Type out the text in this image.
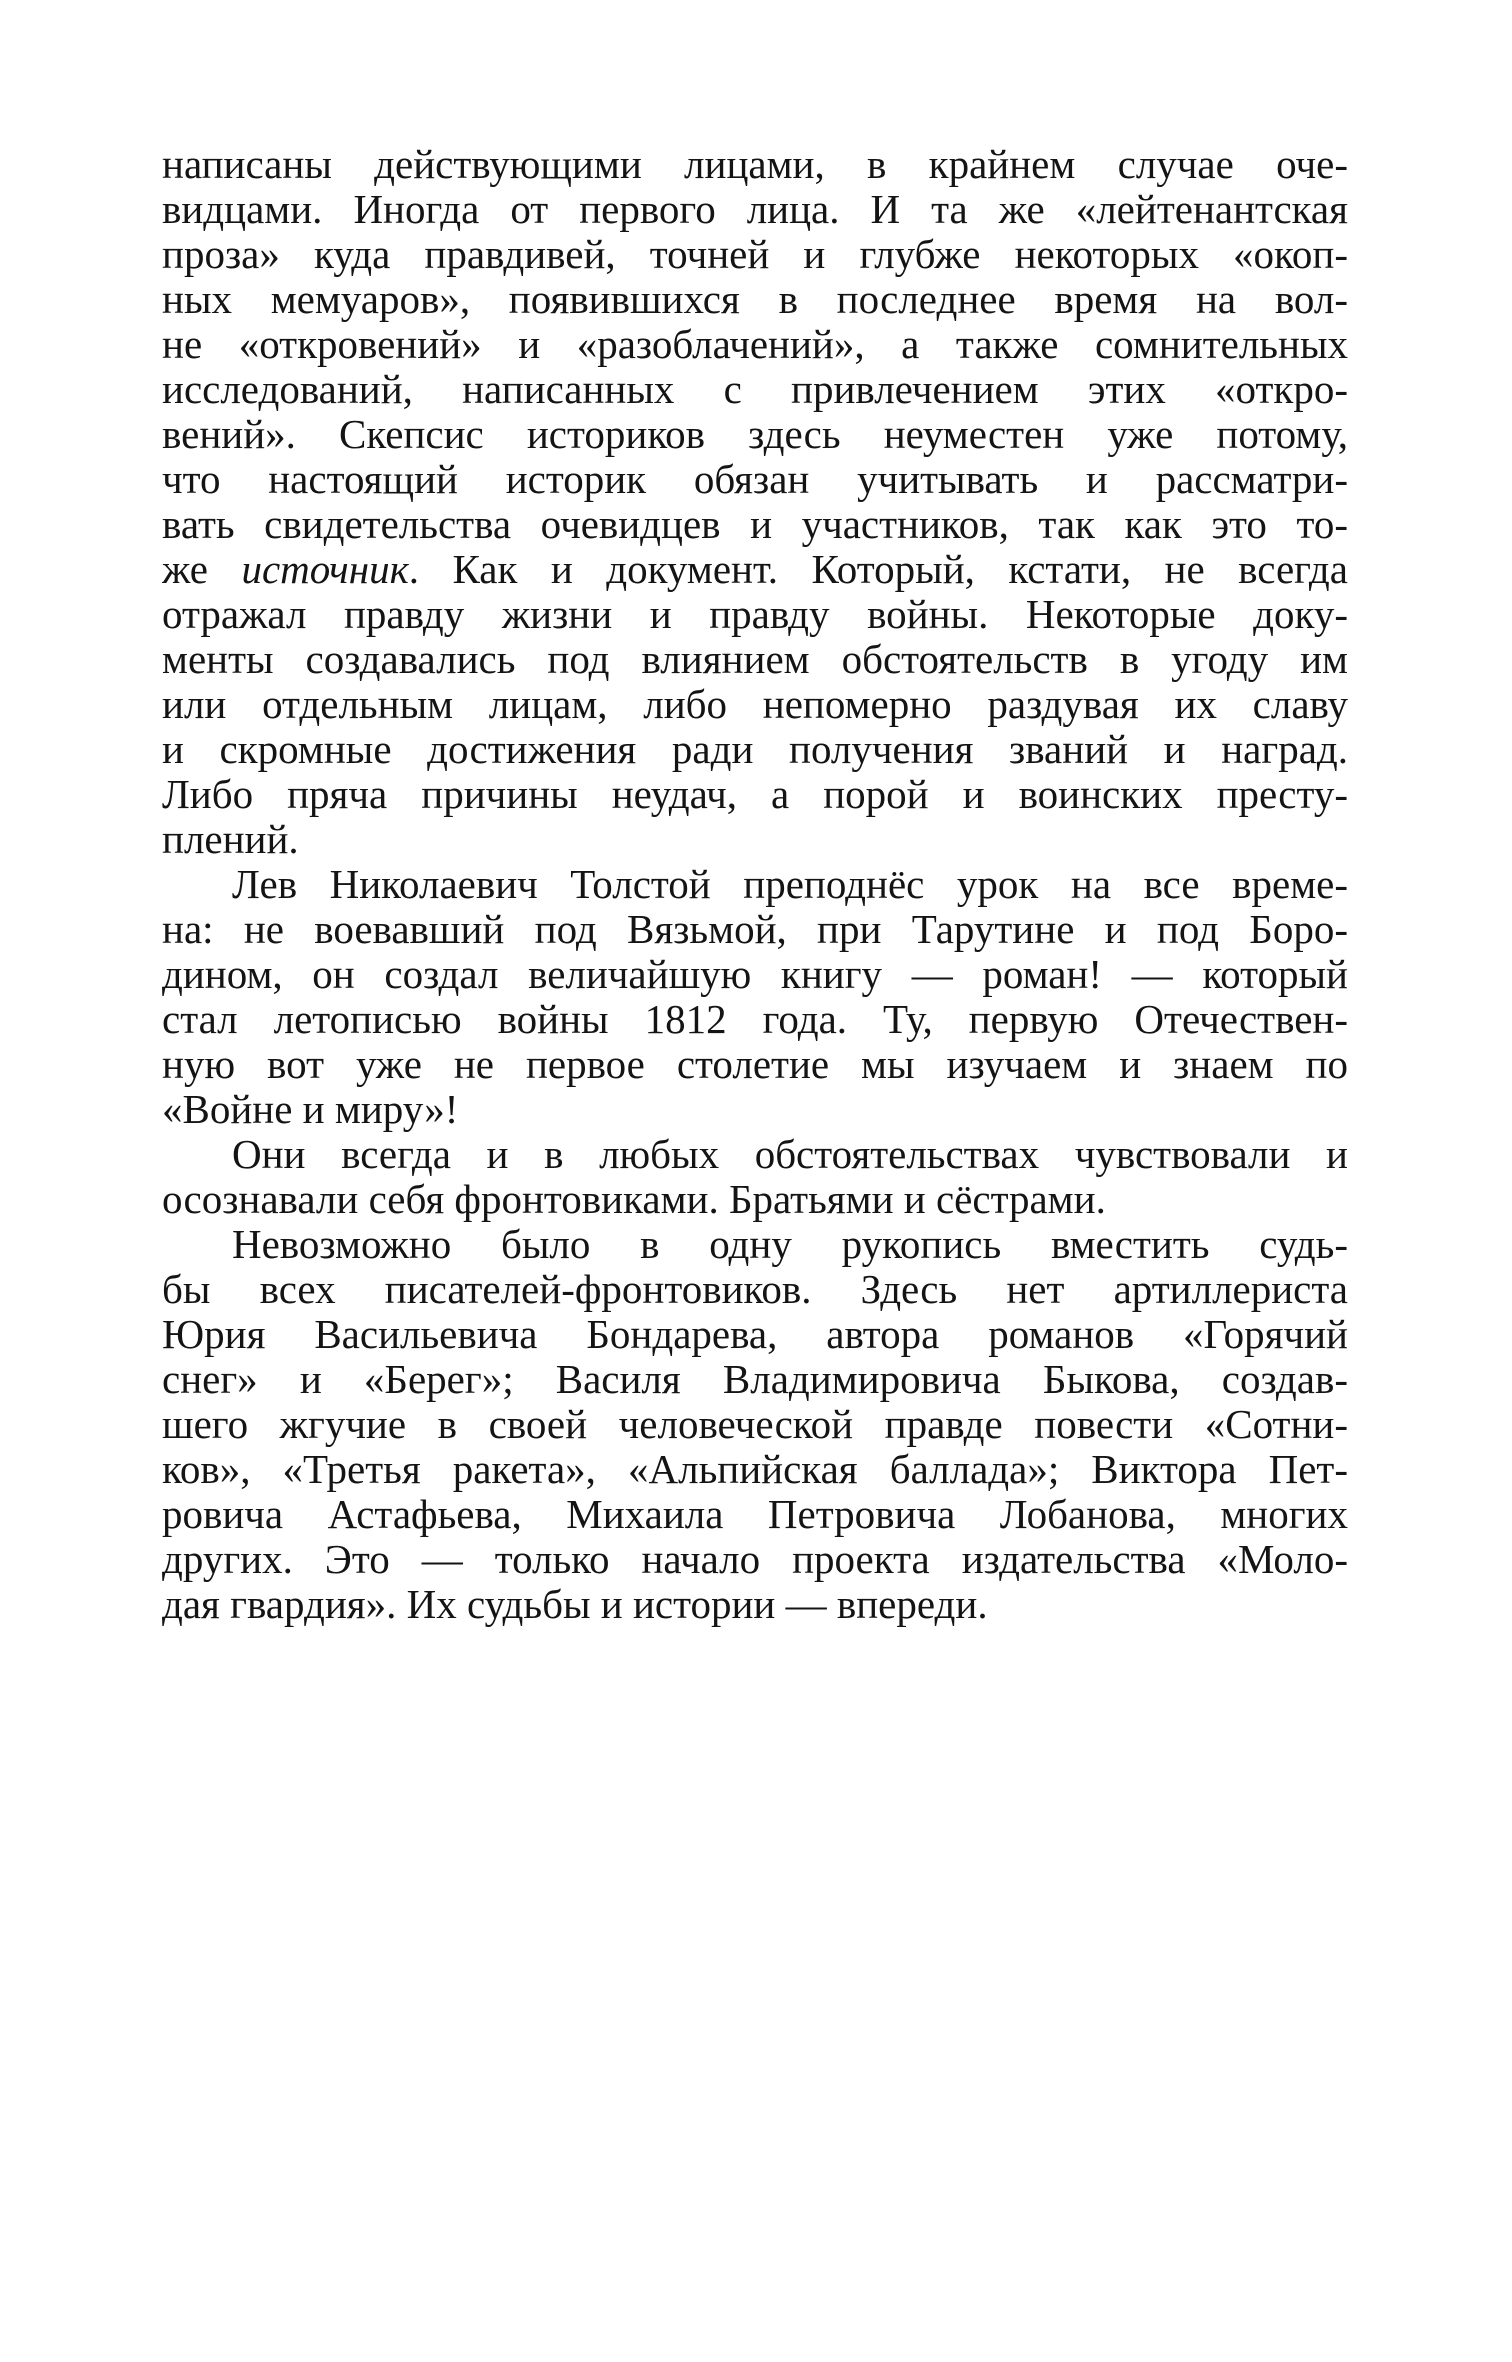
написаны действующими лицами, в крайнем случае оче-
видцами. Иногда от первого лица. И та же «лейтенантская
проза» куда правдивей, точней и глубже некоторых «окоп-
ных мемуаров», появившихся в последнее время на вол-
не «откровений» и «разоблачений», а также сомнительных
исследований, написанных с привлечением этих «откро-
вений». Скепсис историков здесь неуместен уже потому,
что настоящий историк обязан учитывать и рассматри-
вать свидетельства очевидцев и участников, так как это то-
же источник. Как и документ. Который, кстати, не всегда
отражал правду жизни и правду войны. Некоторые доку-
менты создавались под влиянием обстоятельств в угоду им
или отдельным лицам, либо непомерно раздувая их славу
и скромные достижения ради получения званий и наград.
Либо пряча причины неудач, а порой и воинских престу-
плений.
Лев Николаевич Толстой преподнёс урок на все време-
на: не воевавший под Вязьмой, при Тарутине и под Боро-
дином, он создал величайшую книгу — роман! — который
стал летописью войны 1812 года. Ту, первую Отечествен-
ную вот уже не первое столетие мы изучаем и знаем по
«Войне и миру»!
Они всегда и в любых обстоятельствах чувствовали и
осознавали себя фронтовиками. Братьями и сёстрами.
Невозможно было в одну рукопись вместить судь-
бы всех писателей-фронтовиков. Здесь нет артиллериста
Юрия Васильевича Бондарева, автора романов «Горячий
снег» и «Берег»; Василя Владимировича Быкова, создав-
шего жгучие в своей человеческой правде повести «Сотни-
ков», «Третья ракета», «Альпийская баллада»; Виктора Пет-
ровича Астафьева, Михаила Петровича Лобанова, многих
других. Это — только начало проекта издательства «Моло-
дая гвардия». Их судьбы и истории — впереди.
